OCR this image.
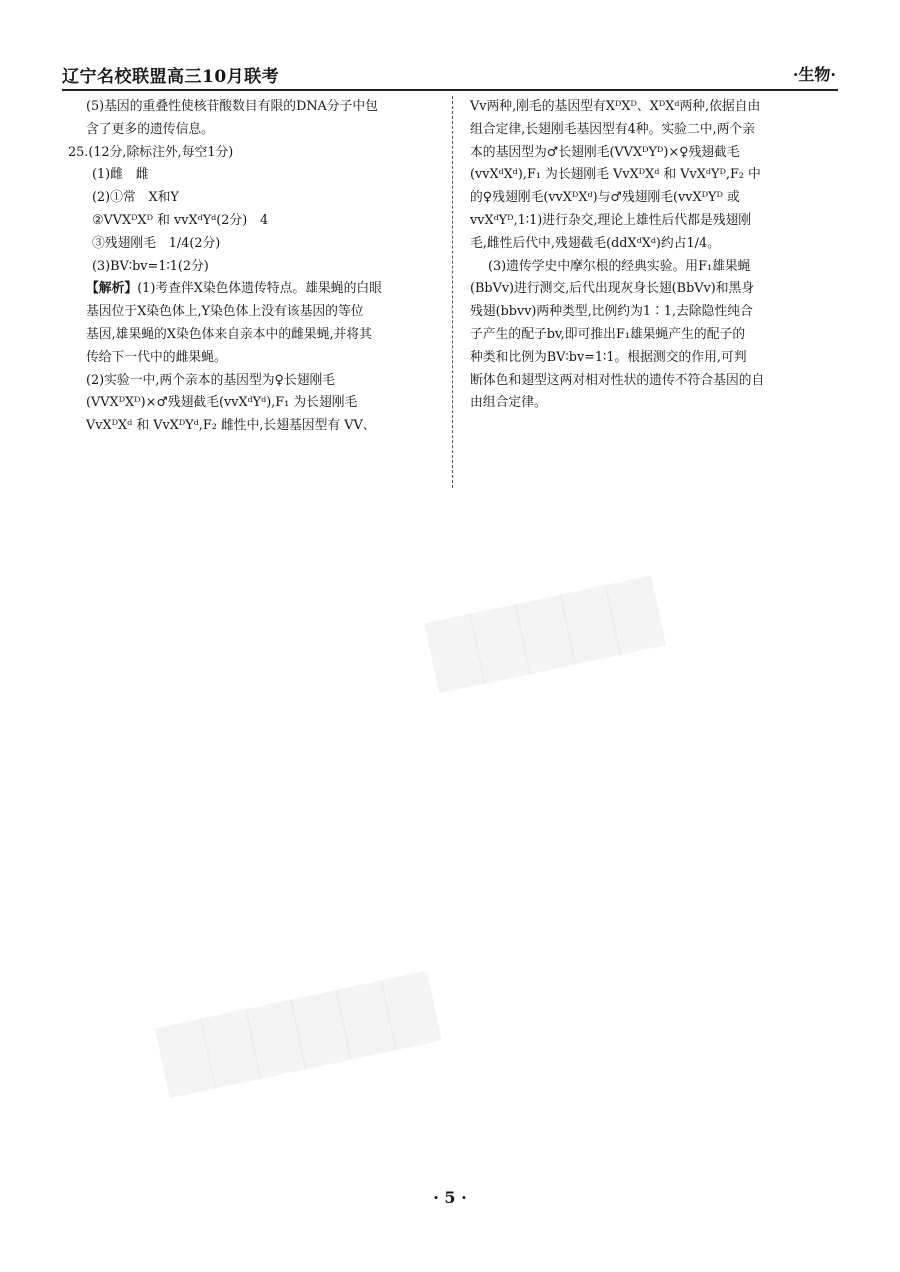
█████
██████
辽宁名校联盟高三10月联考	·生物·
(5)基因的重叠性使核苷酸数目有限的DNA分子中包
含了更多的遗传信息。
25.(12分,除标注外,每空1分)
(1)雌　雌
(2)①常　X和Y
②VVXᴰXᴰ 和 vvXᵈYᵈ(2分)　4
③残翅刚毛　1/4(2分)
(3)BV∶bv=1∶1(2分)
【解析】(1)考查伴X染色体遗传特点。雄果蝇的白眼
基因位于X染色体上,Y染色体上没有该基因的等位
基因,雄果蝇的X染色体来自亲本中的雌果蝇,并将其
传给下一代中的雌果蝇。
(2)实验一中,两个亲本的基因型为♀长翅刚毛
(VVXᴰXᴰ)×♂残翅截毛(vvXᵈYᵈ),F₁ 为长翅刚毛
VvXᴰXᵈ 和 VvXᴰYᵈ,F₂ 雌性中,长翅基因型有 VV、
Vv两种,刚毛的基因型有XᴰXᴰ、XᴰXᵈ两种,依据自由
组合定律,长翅刚毛基因型有4种。实验二中,两个亲
本的基因型为♂长翅刚毛(VVXᴰYᴰ)×♀残翅截毛
(vvXᵈXᵈ),F₁ 为长翅刚毛 VvXᴰXᵈ 和 VvXᵈYᴰ,F₂ 中
的♀残翅刚毛(vvXᴰXᵈ)与♂残翅刚毛(vvXᴰYᴰ 或
vvXᵈYᴰ,1∶1)进行杂交,理论上雄性后代都是残翅刚
毛,雌性后代中,残翅截毛(ddXᵈXᵈ)约占1/4。
(3)遗传学史中摩尔根的经典实验。用F₁雄果蝇
(BbVv)进行测交,后代出现灰身长翅(BbVv)和黑身
残翅(bbvv)两种类型,比例约为1∶1,去除隐性纯合
子产生的配子bv,即可推出F₁雄果蝇产生的配子的
种类和比例为BV∶bv=1∶1。根据测交的作用,可判
断体色和翅型这两对相对性状的遗传不符合基因的自
由组合定律。
· 5 ·
